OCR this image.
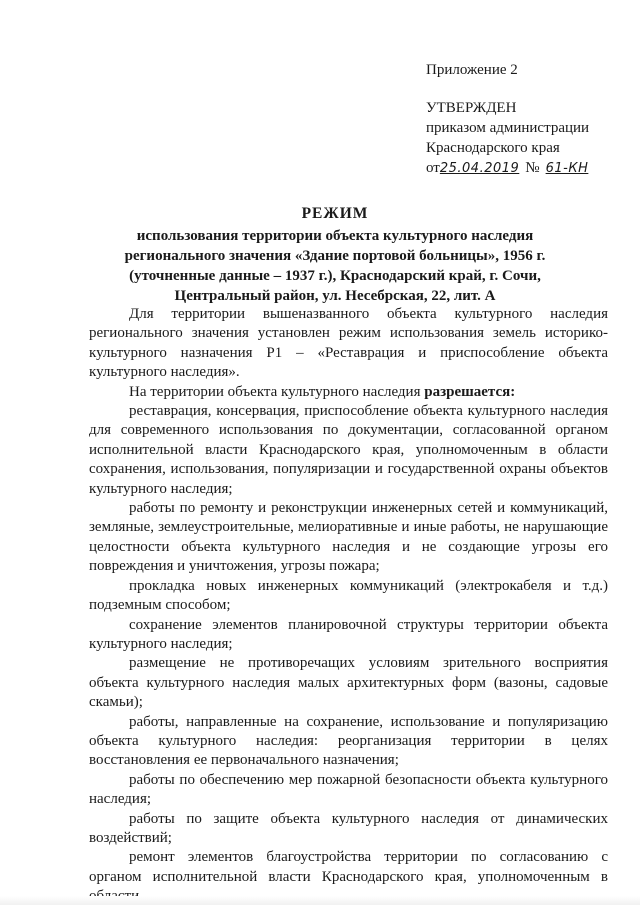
Приложение 2
УТВЕРЖДЕН
приказом администрации
Краснодарского края
от25.04.2019 № 61-КН
РЕЖИМ
использования территории объекта культурного наследия
регионального значения «Здание портовой больницы», 1956 г.
(уточненные данные – 1937 г.), Краснодарский край, г. Сочи,
Центральный район, ул. Несебрская, 22, лит. А

Для территории вышеназванного объекта культурного наследия регионального значения установлен режим использования земель историко-культурного назначения Р1 – «Реставрация и приспособление объекта культурного наследия».

На территории объекта культурного наследия разрешается:

реставрация, консервация, приспособление объекта культурного наследия для современного использования по документации, согласованной органом исполнительной власти Краснодарского края, уполномоченным в области сохранения, использования, популяризации и государственной охраны объектов культурного наследия;

работы по ремонту и реконструкции инженерных сетей и коммуникаций, земляные, землеустроительные, мелиоративные и иные работы, не нарушающие целостности объекта культурного наследия и не создающие угрозы его повреждения и уничтожения, угрозы пожара;

прокладка новых инженерных коммуникаций (электрокабеля и т.д.) подземным способом;

сохранение элементов планировочной структуры территории объекта культурного наследия;

размещение не противоречащих условиям зрительного восприятия объекта культурного наследия малых архитектурных форм (вазоны, садовые скамьи);

работы, направленные на сохранение, использование и популяризацию объекта культурного наследия: реорганизация территории в целях восстановления ее первоначального назначения;

работы по обеспечению мер пожарной безопасности объекта культурного наследия;

работы по защите объекта культурного наследия от динамических воздействий;

ремонт элементов благоустройства территории по согласованию с органом исполнительной власти Краснодарского края, уполномоченным в
